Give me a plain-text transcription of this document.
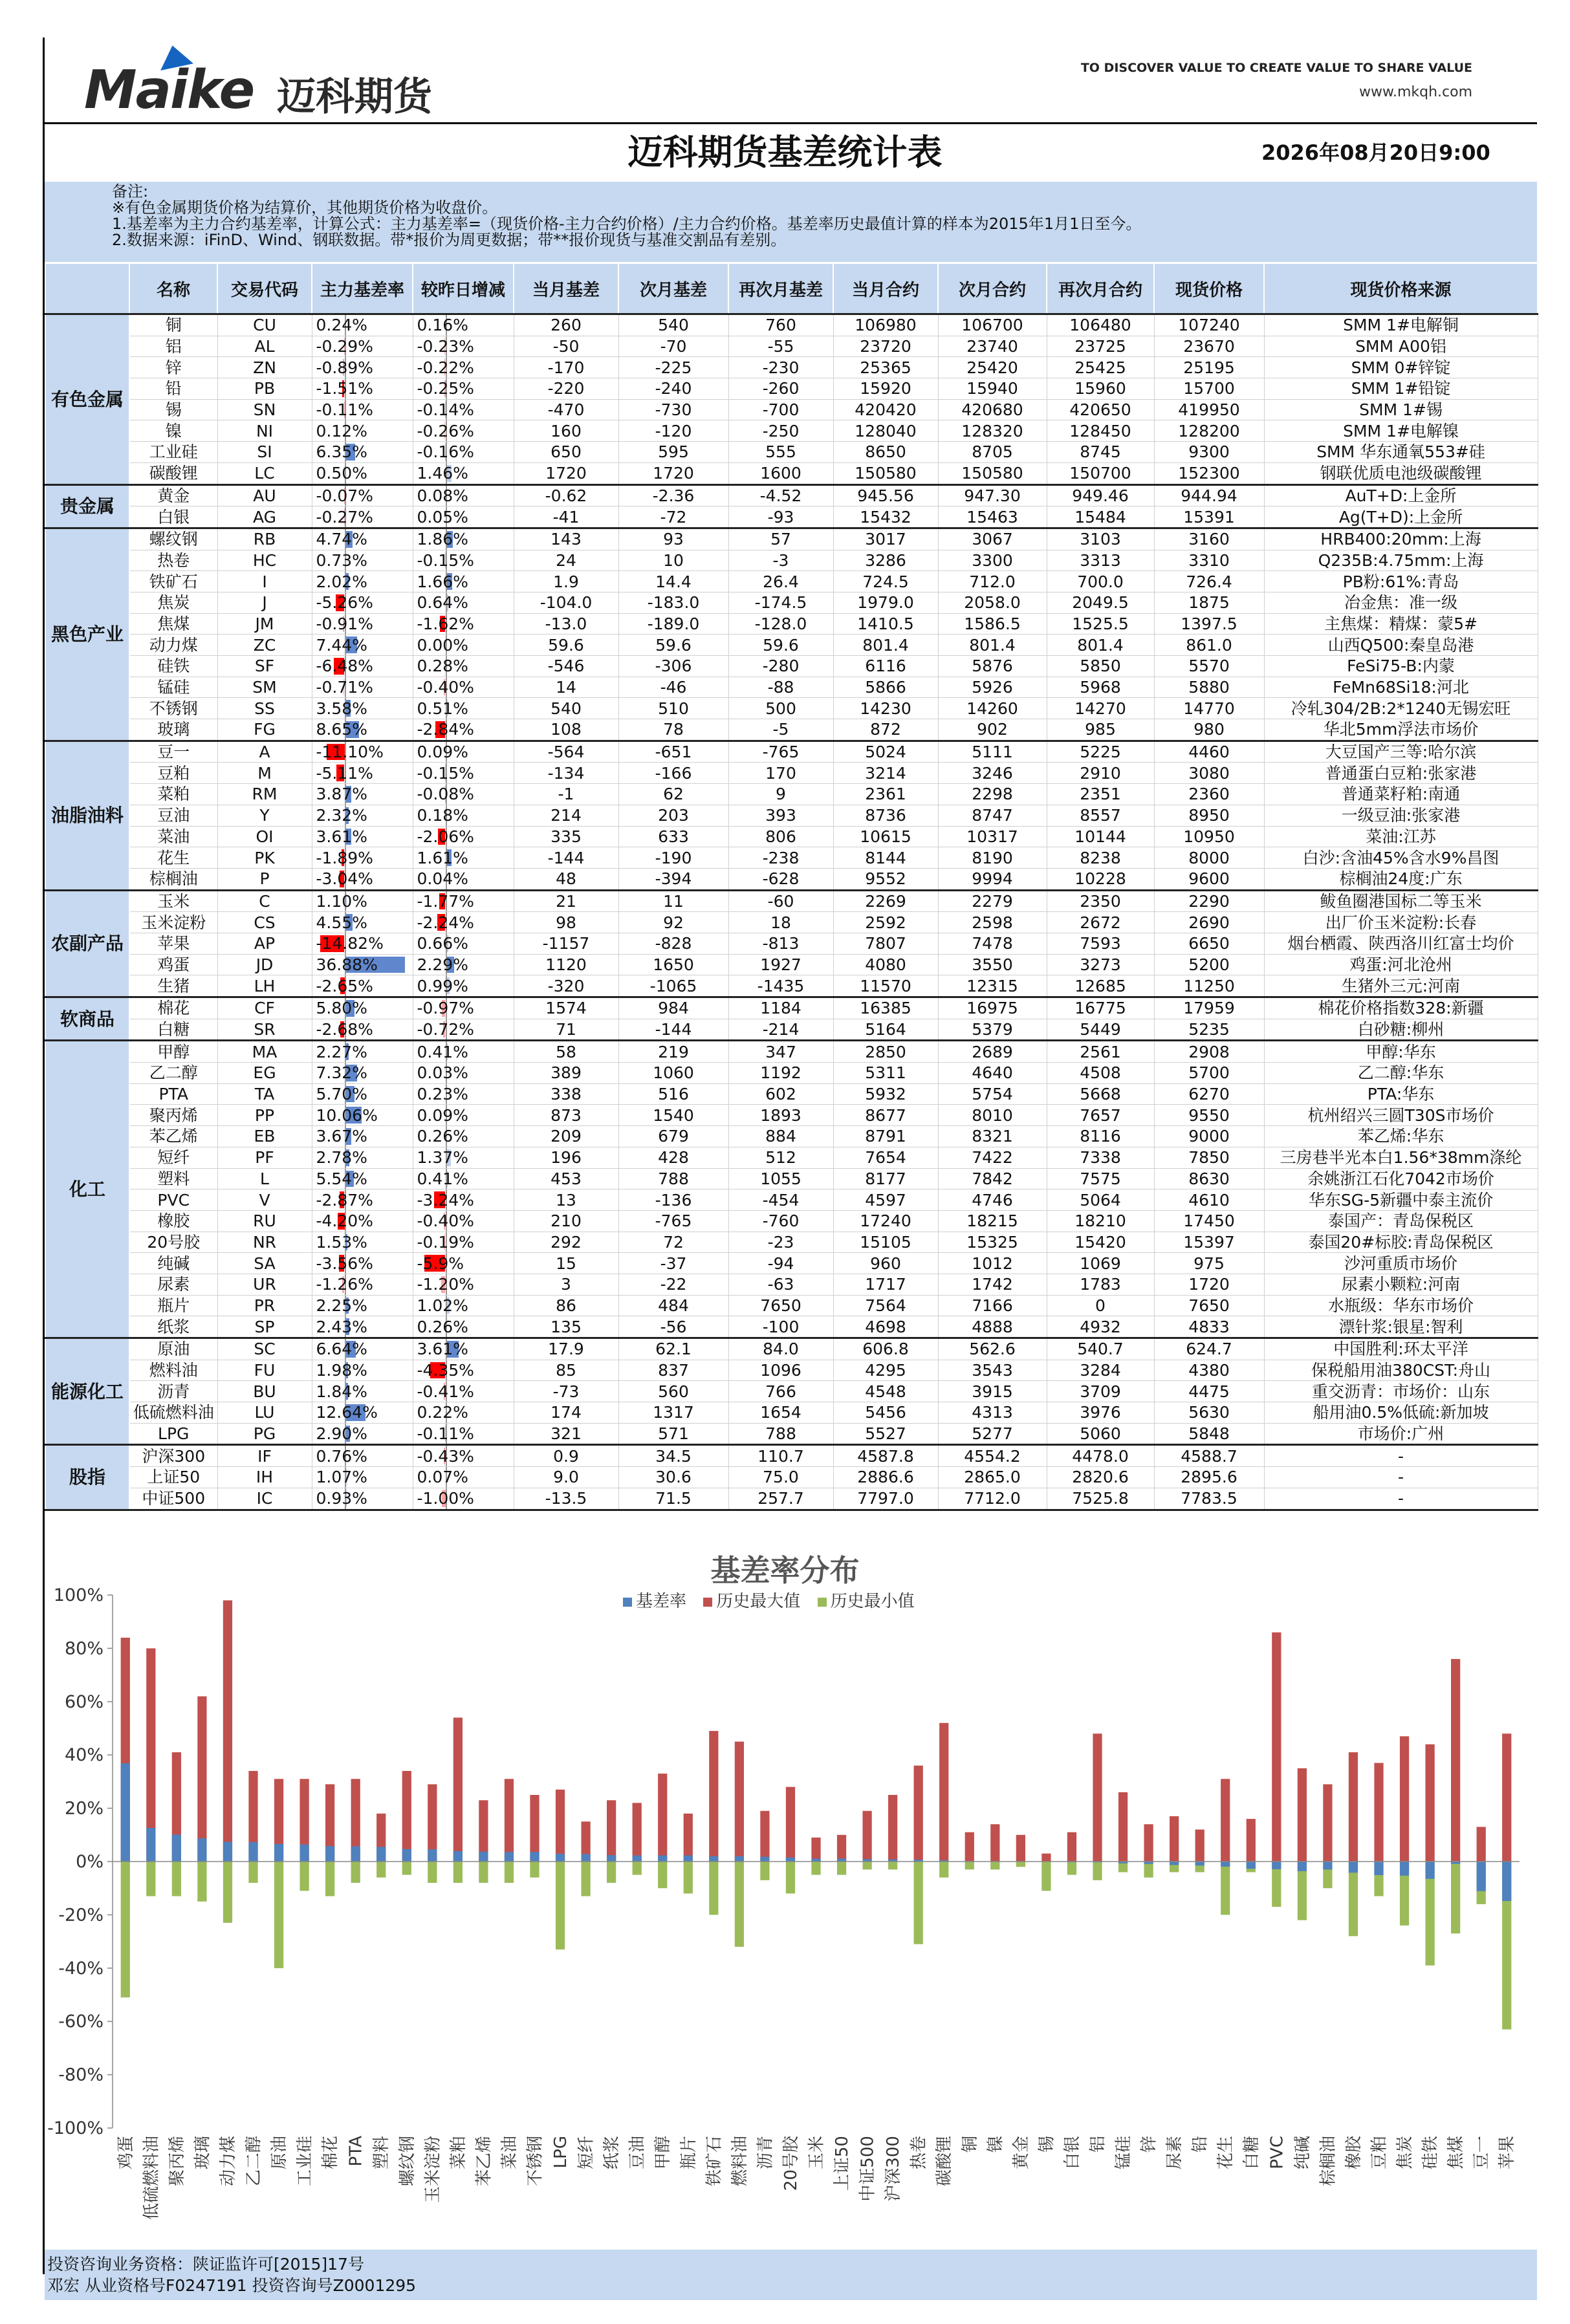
Maike 迈科期货
TO DISCOVER VALUE TO CREATE VALUE TO SHARE VALUE
www.mkqh.com
迈科期货基差统计表	2026年08月20日9:00
备注:
※有色金属期货价格为结算价，其他期货价格为收盘价。
1.基差率为主力合约基差率，计算公式：主力基差率=（现货价格-主力合约价格）/主力合约价格。基差率历史最值计算的样本为2015年1月1日至今。
2.数据来源：iFinD、Wind、钢联数据。带*报价为周更数据；带**报价现货与基准交割品有差别。
	名称	交易代码	主力基差率	较昨日增减	当月基差	次月基差	再次月基差	当月合约	次月合约	再次月合约	现货价格	现货价格来源
有色金属	铜	CU	0.24%	0.16%	260	540	760	106980	106700	106480	107240	SMM 1#电解铜
	铝	AL	-0.29%	-0.23%	-50	-70	-55	23720	23740	23725	23670	SMM A00铝
	锌	ZN	-0.89%	-0.22%	-170	-225	-230	25365	25420	25425	25195	SMM 0#锌锭
	铅	PB	-1.51%	-0.25%	-220	-240	-260	15920	15940	15960	15700	SMM 1#铅锭
	锡	SN	-0.11%	-0.14%	-470	-730	-700	420420	420680	420650	419950	SMM 1#锡
	镍	NI	0.12%	-0.26%	160	-120	-250	128040	128320	128450	128200	SMM 1#电解镍
	工业硅	SI	6.35%	-0.16%	650	595	555	8650	8705	8745	9300	SMM 华东通氧553#硅
	碳酸锂	LC	0.50%	1.46%	1720	1720	1600	150580	150580	150700	152300	钢联优质电池级碳酸锂
贵金属	黄金	AU	-0.07%	0.08%	-0.62	-2.36	-4.52	945.56	947.30	949.46	944.94	AuT+D:上金所
	白银	AG	-0.27%	0.05%	-41	-72	-93	15432	15463	15484	15391	Ag(T+D):上金所
黑色产业	螺纹钢	RB	4.74%	1.86%	143	93	57	3017	3067	3103	3160	HRB400:20mm:上海
	热卷	HC	0.73%	-0.15%	24	10	-3	3286	3300	3313	3310	Q235B:4.75mm:上海
	铁矿石	I	2.02%	1.66%	1.9	14.4	26.4	724.5	712.0	700.0	726.4	PB粉:61%:青岛
	焦炭	J	-5.26%	0.64%	-104.0	-183.0	-174.5	1979.0	2058.0	2049.5	1875	冶金焦：准一级
	焦煤	JM	-0.91%	-1.62%	-13.0	-189.0	-128.0	1410.5	1586.5	1525.5	1397.5	主焦煤：精煤：蒙5#
	动力煤	ZC	7.44%	0.00%	59.6	59.6	59.6	801.4	801.4	801.4	861.0	山西Q500:秦皇岛港
	硅铁	SF	-6.48%	0.28%	-546	-306	-280	6116	5876	5850	5570	FeSi75-B:内蒙
	锰硅	SM	-0.71%	-0.40%	14	-46	-88	5866	5926	5968	5880	FeMn68Si18:河北
	不锈钢	SS	3.58%	0.51%	540	510	500	14230	14260	14270	14770	冷轧304/2B:2*1240无锡宏旺
	玻璃	FG	8.65%	-2.84%	108	78	-5	872	902	985	980	华北5mm浮法市场价
油脂油料	豆一	A	-11.10%	0.09%	-564	-651	-765	5024	5111	5225	4460	大豆国产三等:哈尔滨
	豆粕	M	-5.11%	-0.15%	-134	-166	170	3214	3246	2910	3080	普通蛋白豆粕:张家港
	菜粕	RM	3.87%	-0.08%	-1	62	9	2361	2298	2351	2360	普通菜籽粕:南通
	豆油	Y	2.32%	0.18%	214	203	393	8736	8747	8557	8950	一级豆油:张家港
	菜油	OI	3.61%	-2.06%	335	633	806	10615	10317	10144	10950	菜油:江苏
	花生	PK	-1.89%	1.61%	-144	-190	-238	8144	8190	8238	8000	白沙:含油45%含水9%昌图
	棕榈油	P	-3.04%	0.04%	48	-394	-628	9552	9994	10228	9600	棕榈油24度:广东
农副产品	玉米	C	1.10%	-1.77%	21	11	-60	2269	2279	2350	2290	鲅鱼圈港国标二等玉米
	玉米淀粉	CS	4.55%	-2.24%	98	92	18	2592	2598	2672	2690	出厂价玉米淀粉:长春
	苹果	AP	-14.82%	0.66%	-1157	-828	-813	7807	7478	7593	6650	烟台栖霞、陕西洛川红富士均价
	鸡蛋	JD	36.88%	2.29%	1120	1650	1927	4080	3550	3273	5200	鸡蛋:河北沧州
	生猪	LH	-2.65%	0.99%	-320	-1065	-1435	11570	12315	12685	11250	生猪外三元:河南
软商品	棉花	CF	5.80%	-0.97%	1574	984	1184	16385	16975	16775	17959	棉花价格指数328:新疆
	白糖	SR	-2.68%	-0.72%	71	-144	-214	5164	5379	5449	5235	白砂糖:柳州
化工	甲醇	MA	2.27%	0.41%	58	219	347	2850	2689	2561	2908	甲醇:华东
	乙二醇	EG	7.32%	0.03%	389	1060	1192	5311	4640	4508	5700	乙二醇:华东
	PTA	TA	5.70%	0.23%	338	516	602	5932	5754	5668	6270	PTA:华东
	聚丙烯	PP	10.06%	0.09%	873	1540	1893	8677	8010	7657	9550	杭州绍兴三圆T30S市场价
	苯乙烯	EB	3.67%	0.26%	209	679	884	8791	8321	8116	9000	苯乙烯:华东
	短纤	PF	2.78%	1.37%	196	428	512	7654	7422	7338	7850	三房巷半光本白1.56*38mm涤纶
	塑料	L	5.54%	0.41%	453	788	1055	8177	7842	7575	8630	余姚浙江石化7042市场价
	PVC	V	-2.87%	-3.24%	13	-136	-454	4597	4746	5064	4610	华东SG-5新疆中泰主流价
	橡胶	RU	-4.20%	-0.40%	210	-765	-760	17240	18215	18210	17450	泰国产：青岛保税区
	20号胶	NR	1.53%	-0.19%	292	72	-23	15105	15325	15420	15397	泰国20#标胶:青岛保税区
	纯碱	SA	-3.56%	-5.9%	15	-37	-94	960	1012	1069	975	沙河重质市场价
	尿素	UR	-1.26%	-1.20%	3	-22	-63	1717	1742	1783	1720	尿素小颗粒:河南
	瓶片	PR	2.25%	1.02%	86	484	7650	7564	7166	0	7650	水瓶级：华东市场价
	纸浆	SP	2.43%	0.26%	135	-56	-100	4698	4888	4932	4833	漂针浆:银星:智利
能源化工	原油	SC	6.64%	3.61%	17.9	62.1	84.0	606.8	562.6	540.7	624.7	中国胜利:环太平洋
	燃料油	FU	1.98%	-4.35%	85	837	1096	4295	3543	3284	4380	保税船用油380CST:舟山
	沥青	BU	1.84%	-0.41%	-73	560	766	4548	3915	3709	4475	重交沥青：市场价：山东
	低硫燃料油	LU	12.64%	0.22%	174	1317	1654	5456	4313	3976	5630	船用油0.5%低硫:新加坡
	LPG	PG	2.90%	-0.11%	321	571	788	5527	5277	5060	5848	市场价:广州
股指	沪深300	IF	0.76%	-0.43%	0.9	34.5	110.7	4587.8	4554.2	4478.0	4588.7	-
	上证50	IH	1.07%	0.07%	9.0	30.6	75.0	2886.6	2865.0	2820.6	2895.6	-
	中证500	IC	0.93%	-1.00%	-13.5	71.5	257.7	7797.0	7712.0	7525.8	7783.5	-
基差率分布
基差率 历史最大值 历史最小值
100%
80%
60%
40%
20%
0%
-20%
-40%
-60%
-80%
-100%
鸡蛋 低硫燃料油 聚丙烯 玻璃 动力煤 乙二醇 原油 工业硅 棉花 PTA 塑料 螺纹钢 玉米淀粉 菜粕 苯乙烯 菜油 不锈钢 LPG 短纤 纸浆 豆油 甲醇 瓶片 铁矿石 燃料油 沥青 20号胶 玉米 上证50 中证500 沪深300 热卷 碳酸锂 铜 镍 黄金 锡 白银 铝 锰硅 锌 尿素 铅 花生 白糖 PVC 纯碱 棕榈油 橡胶 豆粕 焦炭 硅铁 焦煤 豆一 苹果
投资咨询业务资格：陕证监许可[2015]17号
邓宏 从业资格号F0247191 投资咨询号Z0001295
